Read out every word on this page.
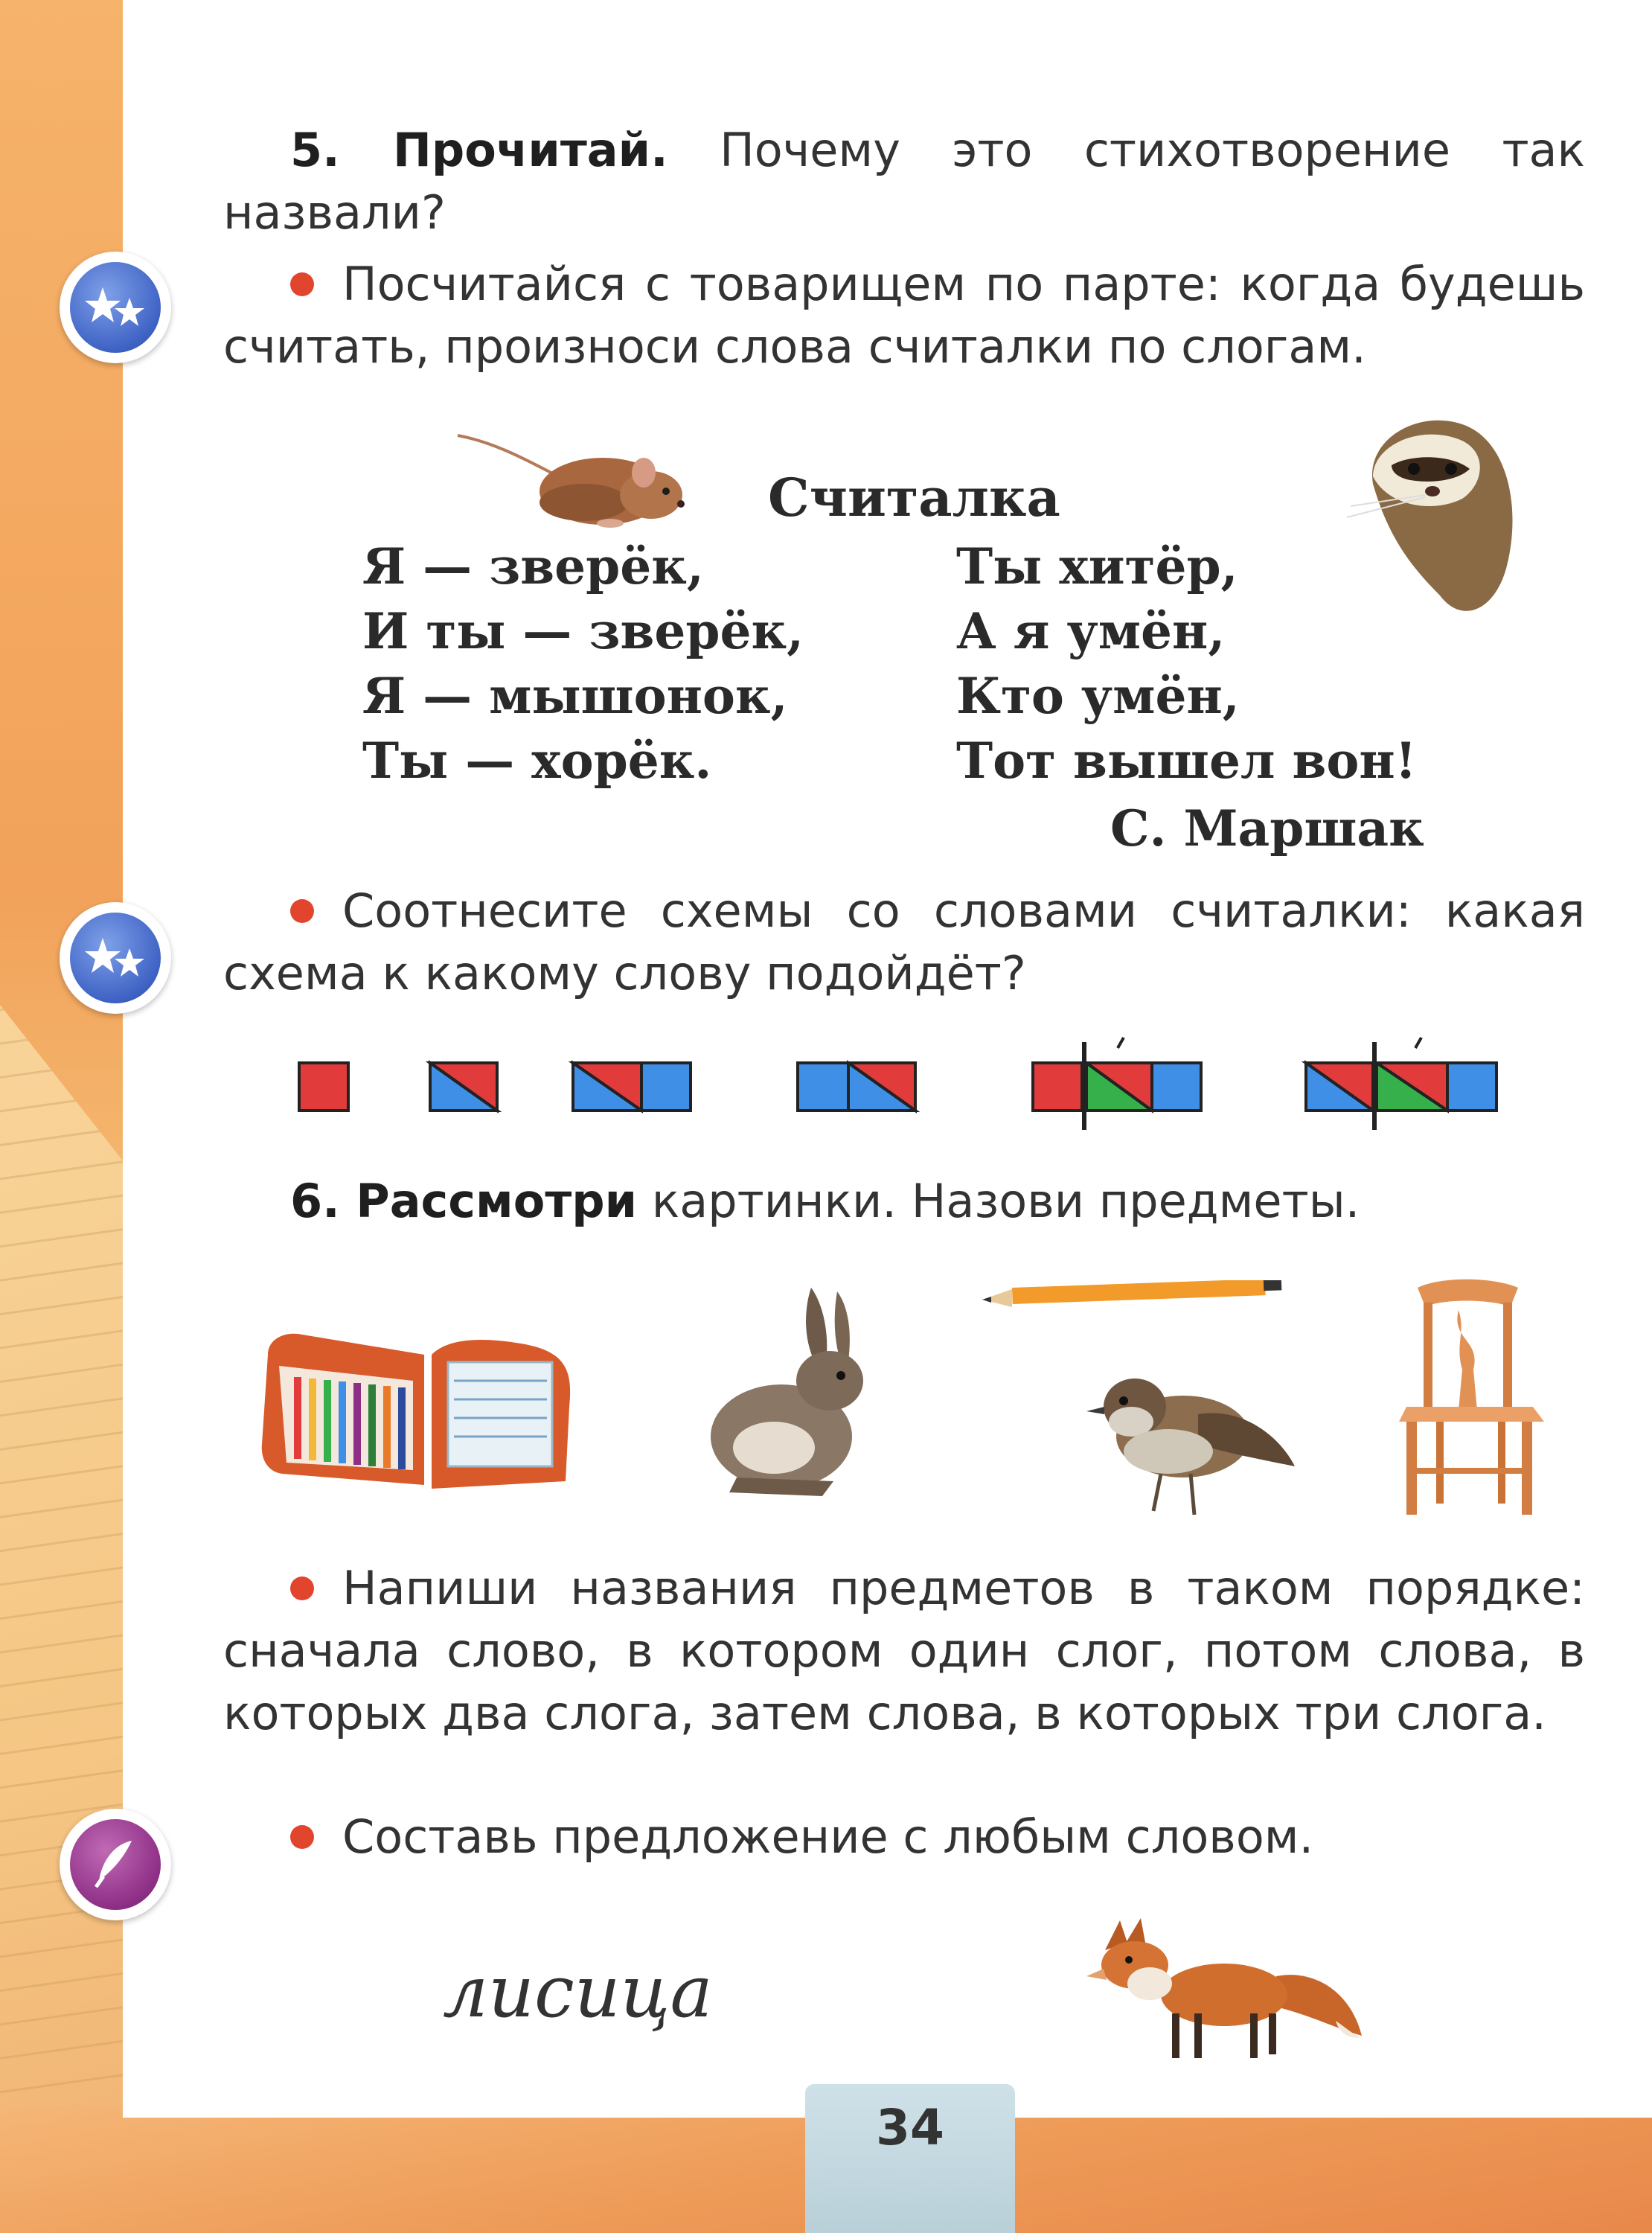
5. Прочитай. Почему это стихотворение так назвали?
Посчитайся с товарищем по парте: когда будешь считать, произноси слова считалки по слогам.
Считалка
Я — зверёк,
И ты — зверёк,
Я — мышонок,
Ты — хорёк.
Ты хитёр,
А я умён,
Кто умён,
Тот вышел вон!
С. Маршак
Соотнесите схемы со словами считалки: какая схема к какому слову подойдёт?
6. Рассмотри картинки. Назови предметы.
Напиши названия предметов в таком порядке: сначала слово, в котором один слог, потом слова, в которых два слога, затем слова, в которых три слога.
Составь предложение с любым словом.
лисица
34
